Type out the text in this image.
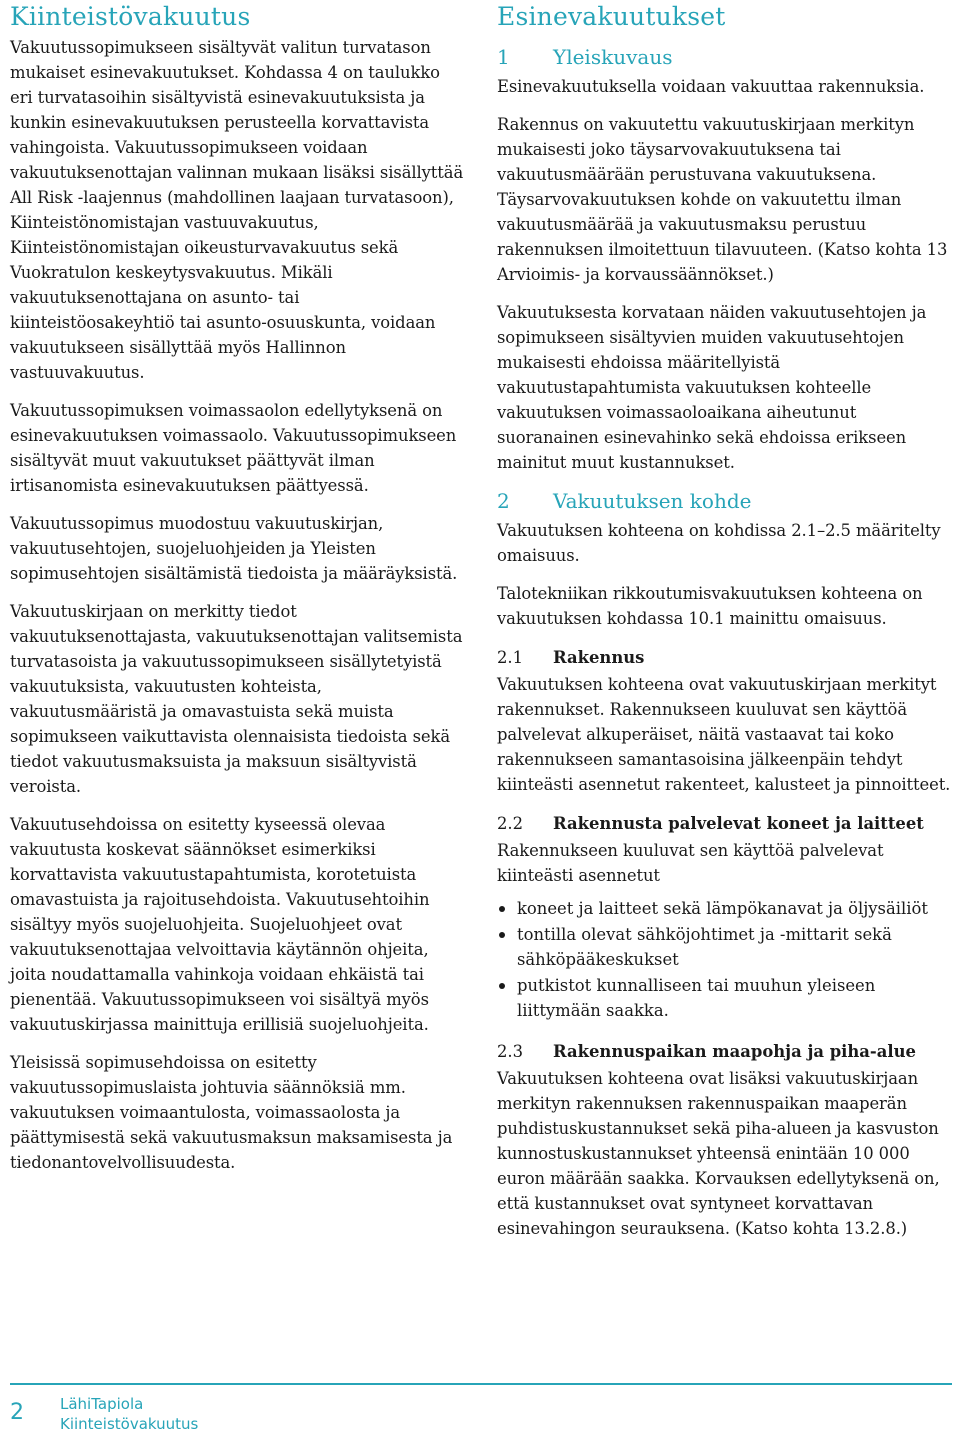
Kiinteistövakuutus

Vakuutussopimukseen sisältyvät valitun turvatason mukaiset esinevakuutukset. Kohdassa 4 on taulukko eri turvatasoihin sisältyvistä esinevakuutuksista ja kunkin esinevakuutuksen perusteella korvattavista vahingoista. Vakuutussopimukseen voidaan vakuutuksenottajan valinnan mukaan lisäksi sisällyttää All Risk -laajennus (mahdollinen laajaan turvatasoon), Kiinteistönomistajan vastuuvakuutus, Kiinteistönomistajan oikeusturvavakuutus sekä Vuokratulon keskeytysvakuutus. Mikäli vakuutuksenottajana on asunto- tai kiinteistöosakeyhtiö tai asunto-osuuskunta, voidaan vakuutukseen sisällyttää myös Hallinnon vastuuvakuutus.

Vakuutussopimuksen voimassaolon edellytyksenä on esinevakuutuksen voimassaolo. Vakuutussopimukseen sisältyvät muut vakuutukset päättyvät ilman irtisanomista esinevakuutuksen päättyessä.

Vakuutussopimus muodostuu vakuutuskirjan, vakuutusehtojen, suojeluohjeiden ja Yleisten sopimusehtojen sisältämistä tiedoista ja määräyksistä.

Vakuutuskirjaan on merkitty tiedot vakuutuksenottajasta, vakuutuksenottajan valitsemista turvatasoista ja vakuutussopimukseen sisällytetyistä vakuutuksista, vakuutusten kohteista, vakuutusmääristä ja omavastuista sekä muista sopimukseen vaikuttavista olennaisista tiedoista sekä tiedot vakuutusmaksuista ja maksuun sisältyvistä veroista.

Vakuutusehdoissa on esitetty kyseessä olevaa vakuutusta koskevat säännökset esimerkiksi korvattavista vakuutustapahtumista, korotetuista omavastuista ja rajoitusehdoista. Vakuutusehtoihin sisältyy myös suojeluohjeita. Suojeluohjeet ovat vakuutuksenottajaa velvoittavia käytännön ohjeita, joita noudattamalla vahinkoja voidaan ehkäistä tai pienentää. Vakuutussopimukseen voi sisältyä myös vakuutuskirjassa mainittuja erillisiä suojeluohjeita.

Yleisissä sopimusehdoissa on esitetty vakuutussopimuslaista johtuvia säännöksiä mm. vakuutuksen voimaantulosta, voimassaolosta ja päättymisestä sekä vakuutusmaksun maksamisesta ja tiedonantovelvollisuudesta.

Esinevakuutukset
1	Yleiskuvaus

Esinevakuutuksella voidaan vakuuttaa rakennuksia.

Rakennus on vakuutettu vakuutuskirjaan merkityn mukaisesti joko täysarvovakuutuksena tai vakuutusmäärään perustuvana vakuutuksena. Täysarvovakuutuksen kohde on vakuutettu ilman vakuutusmäärää ja vakuutusmaksu perustuu rakennuksen ilmoitettuun tilavuuteen. (Katso kohta 13 Arvioimis- ja korvaussäännökset.)

Vakuutuksesta korvataan näiden vakuutusehtojen ja sopimukseen sisältyvien muiden vakuutusehtojen mukaisesti ehdoissa määritellyistä vakuutustapahtumista vakuutuksen kohteelle vakuutuksen voimassaoloaikana aiheutunut suoranainen esinevahinko sekä ehdoissa erikseen mainitut muut kustannukset.

2	Vakuutuksen kohde

Vakuutuksen kohteena on kohdissa 2.1–2.5 määritelty omaisuus.

Talotekniikan rikkoutumisvakuutuksen kohteena on vakuutuksen kohdassa 10.1 mainittu omaisuus.

2.1	Rakennus

Vakuutuksen kohteena ovat vakuutuskirjaan merkityt rakennukset. Rakennukseen kuuluvat sen käyttöä palvelevat alkuperäiset, näitä vastaavat tai koko rakennukseen samantasoisina jälkeenpäin tehdyt kiinteästi asennetut rakenteet, kalusteet ja pinnoitteet.

2.2	Rakennusta palvelevat koneet ja laitteet

Rakennukseen kuuluvat sen käyttöä palvelevat kiinteästi asennetut

koneet ja laitteet sekä lämpökanavat ja öljysäiliöt
tontilla olevat sähköjohtimet ja -mittarit sekä sähköpääkeskukset
putkistot kunnalliseen tai muuhun yleiseen liittymään saakka.
2.3	Rakennuspaikan maapohja ja piha-alue

Vakuutuksen kohteena ovat lisäksi vakuutuskirjaan merkityn rakennuksen rakennuspaikan maaperän puhdistuskustannukset sekä piha-alueen ja kasvuston kunnostuskustannukset yhteensä enintään 10 000 euron määrään saakka. Korvauksen edellytyksenä on, että kustannukset ovat syntyneet korvattavan esinevahingon seurauksena. (Katso kohta 13.2.8.)

2 LähiTapiola
Kiinteistövakuutus
